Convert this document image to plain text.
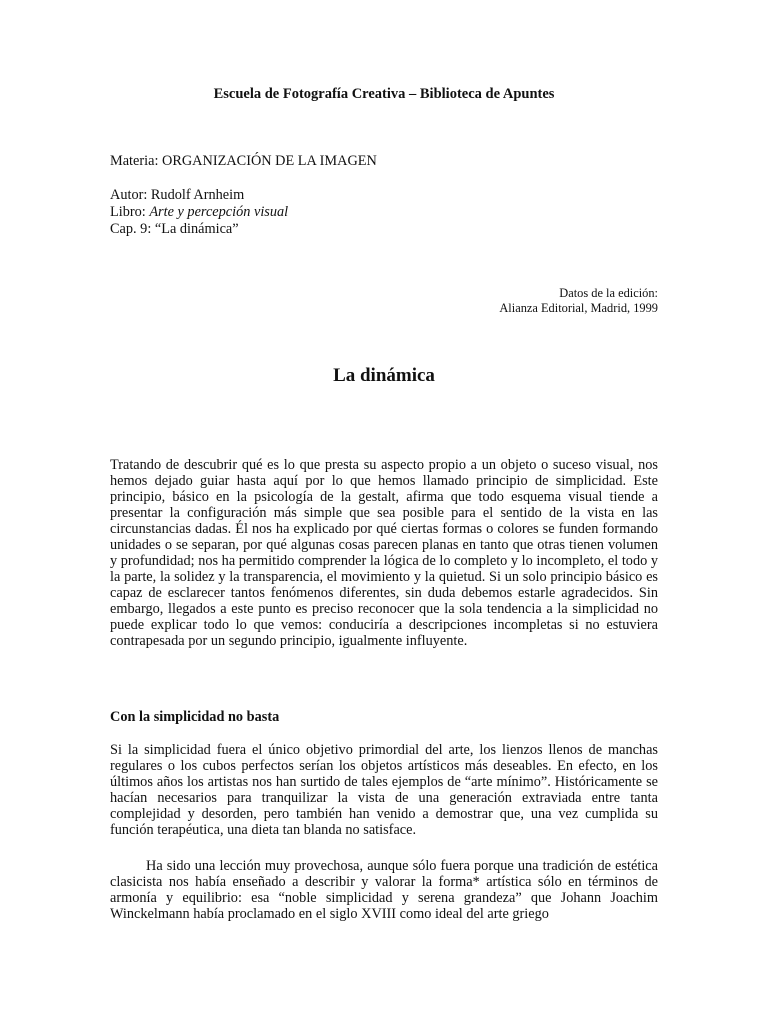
Escuela de Fotografía Creativa – Biblioteca de Apuntes
Materia: ORGANIZACIÓN DE LA IMAGEN
Autor: Rudolf Arnheim
Libro: Arte y percepción visual
Cap. 9: “La dinámica”
Datos de la edición:
Alianza Editorial, Madrid, 1999
La dinámica

Tratando de descubrir qué es lo que presta su aspecto propio a un objeto o suceso visual, nos hemos dejado guiar hasta aquí por lo que hemos llamado principio de simplicidad. Este principio, básico en la psicología de la gestalt, afirma que todo esquema visual tiende a presentar la configuración más simple que sea posible para el sentido de la vista en las circunstancias dadas. Él nos ha explicado por qué ciertas formas o colores se funden formando unidades o se separan, por qué algunas cosas parecen planas en tanto que otras tienen volumen y profundidad; nos ha permitido comprender la lógica de lo completo y lo incompleto, el todo y la parte, la solidez y la transparencia, el movimiento y la quietud. Si un solo principio básico es capaz de esclarecer tantos fenómenos diferentes, sin duda debemos estarle agradecidos. Sin embargo, llegados a este punto es preciso reconocer que la sola tendencia a la simplicidad no puede explicar todo lo que vemos: conduciría a descripciones incompletas si no estuviera contrapesada por un segundo principio, igualmente influyente.

Con la simplicidad no basta

Si la simplicidad fuera el único objetivo primordial del arte, los lienzos llenos de manchas regulares o los cubos perfectos serían los objetos artísticos más deseables. En efecto, en los últimos años los artistas nos han surtido de tales ejemplos de “arte mínimo”. Históricamente se hacían necesarios para tranquilizar la vista de una generación extraviada entre tanta complejidad y desorden, pero también han venido a demostrar que, una vez cumplida su función terapéutica, una dieta tan blanda no satisface.

Ha sido una lección muy provechosa, aunque sólo fuera porque una tradición de estética clasicista nos había enseñado a describir y valorar la forma* artística sólo en términos de armonía y equilibrio: esa “noble simplicidad y serena grandeza” que Johann Joachim Winckelmann había proclamado en el siglo XVIII como ideal del arte griego
